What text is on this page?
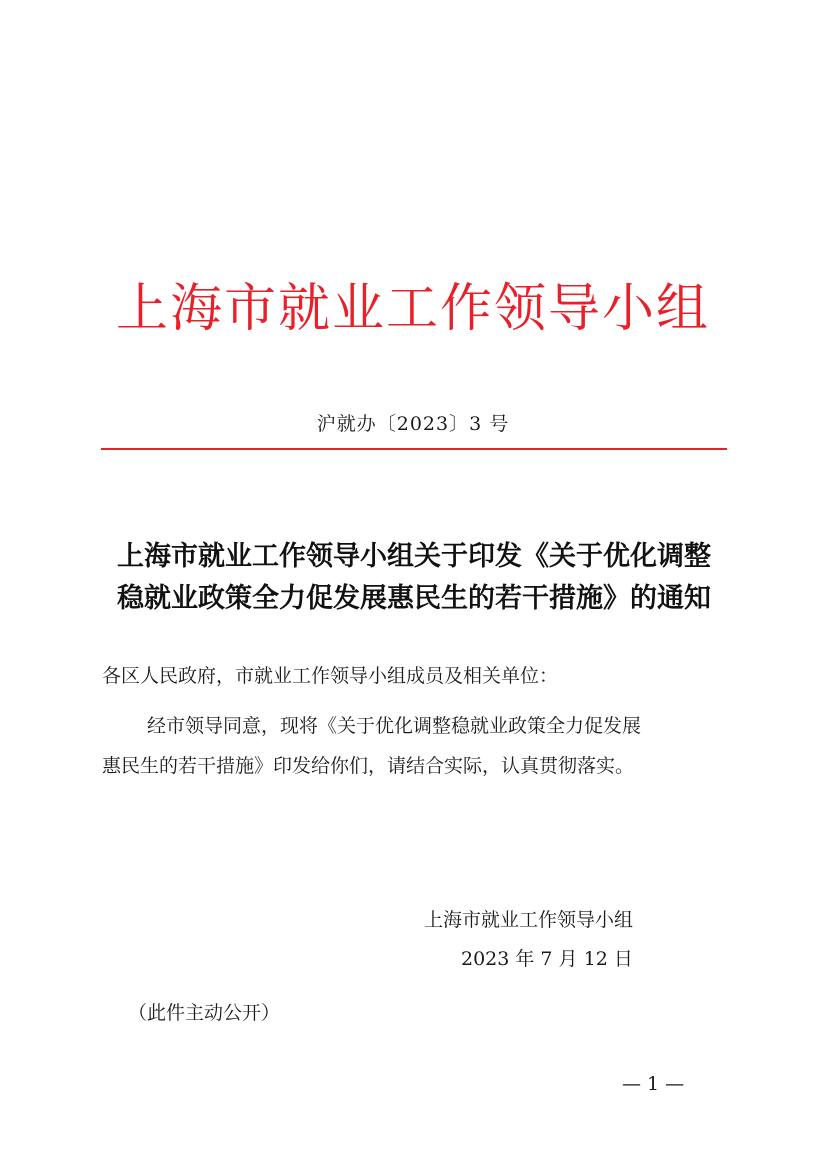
上海市就业工作领导小组
沪就办〔2023〕3 号
上海市就业工作领导小组关于印发《关于优化调整
稳就业政策全力促发展惠民生的若干措施》的通知
各区人民政府，市就业工作领导小组成员及相关单位：
经市领导同意，现将《关于优化调整稳就业政策全力促发展
惠民生的若干措施》印发给你们，请结合实际，认真贯彻落实。
上海市就业工作领导小组
2023 年 7 月 12 日
（此件主动公开）
— 1 —
